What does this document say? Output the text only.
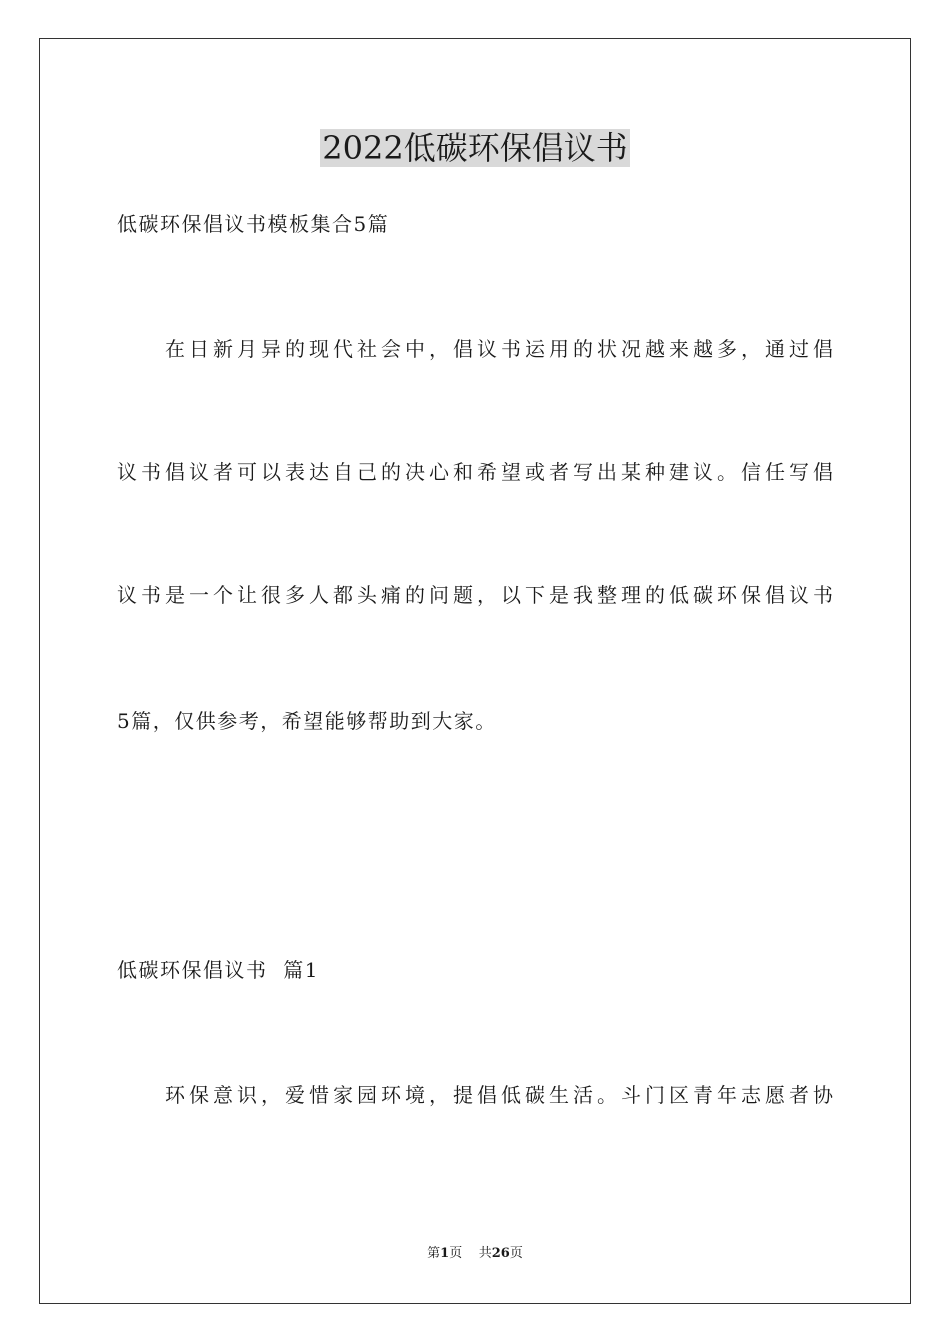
2022低碳环保倡议书
低碳环保倡议书模板集合5篇
在日新月异的现代社会中，倡议书运用的状况越来越多，通过倡
议书倡议者可以表达自己的决心和希望或者写出某种建议。信任写倡
议书是一个让很多人都头痛的问题，以下是我整理的低碳环保倡议书
5篇，仅供参考，希望能够帮助到大家。
低碳环保倡议书  篇1
环保意识，爱惜家园环境，提倡低碳生活。斗门区青年志愿者协
第1页 共26页
